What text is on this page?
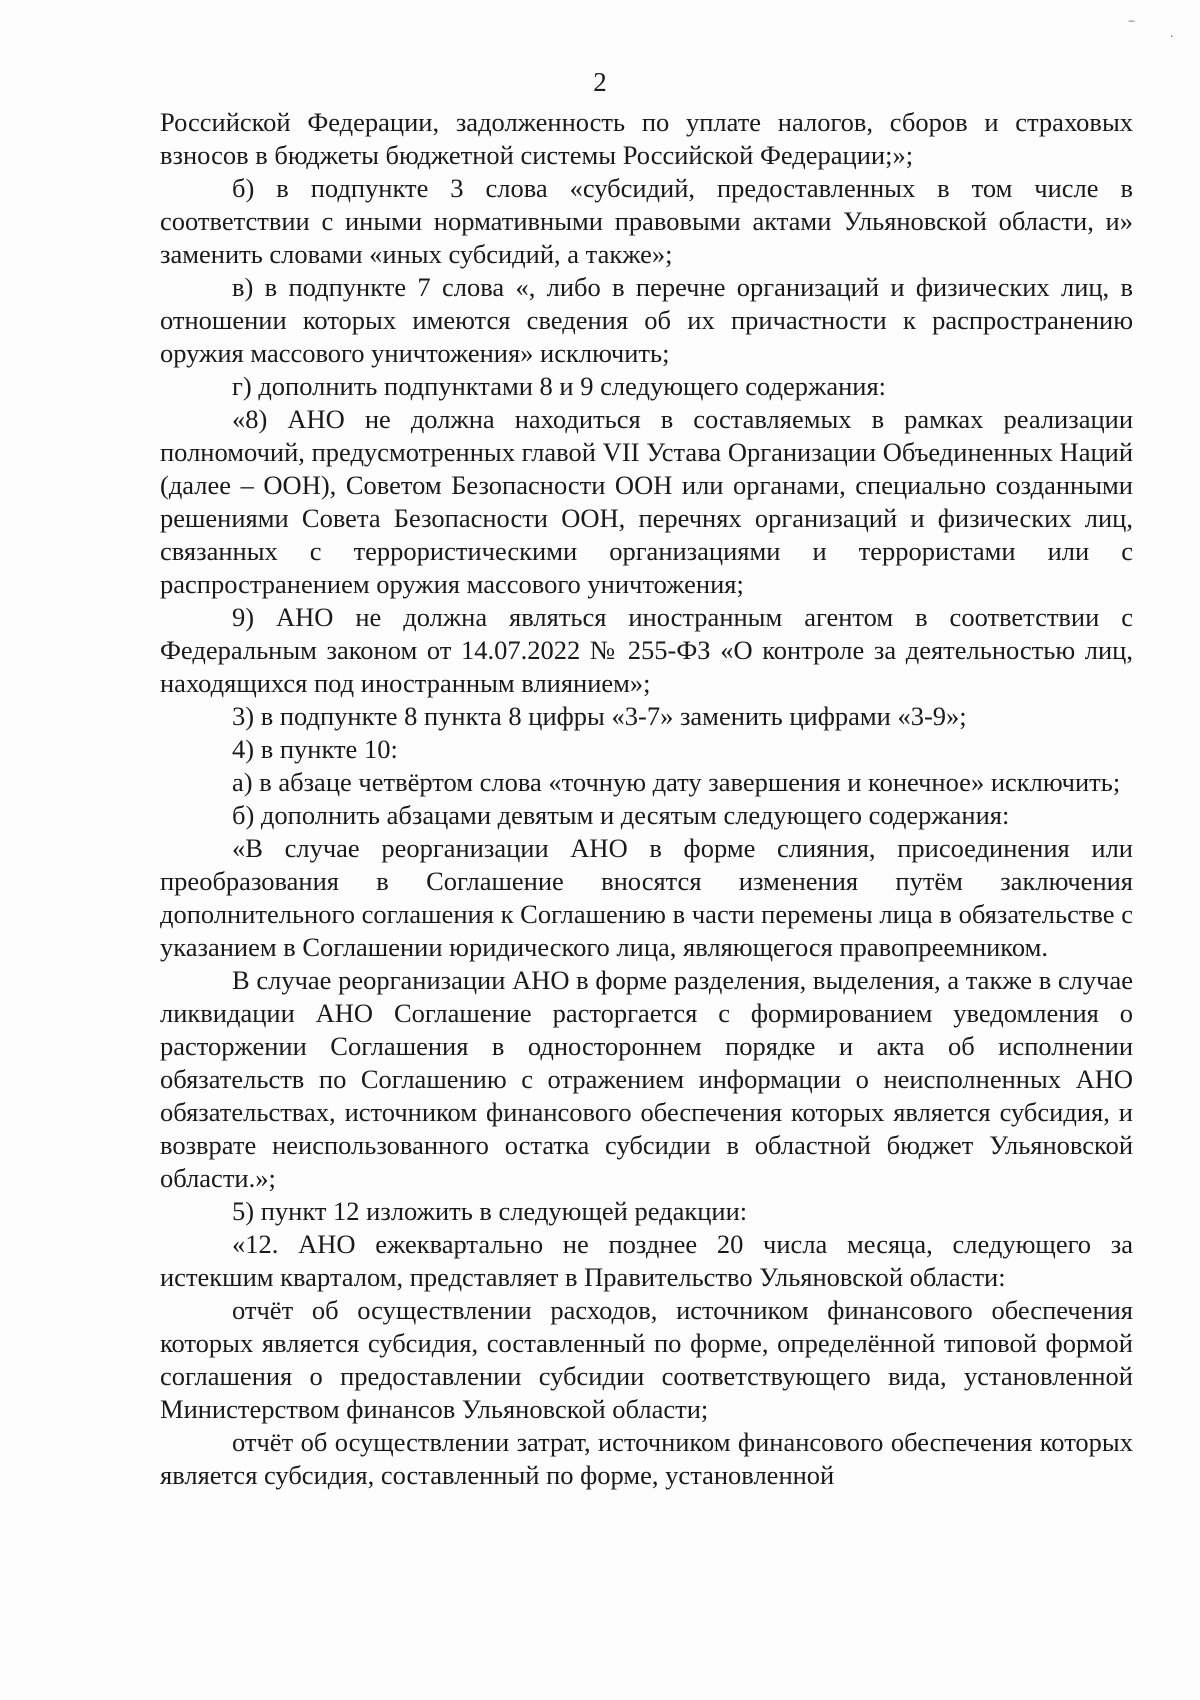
‒
·
2

Российской Федерации, задолженность по уплате налогов, сборов и страховых взносов в бюджеты бюджетной системы Российской Федерации;»;

б) в подпункте 3 слова «субсидий, предоставленных в том числе в соответствии с иными нормативными правовыми актами Ульяновской области, и» заменить словами «иных субсидий, а также»;

в) в подпункте 7 слова «, либо в перечне организаций и физических лиц, в отношении которых имеются сведения об их причастности к распространению оружия массового уничтожения» исключить;

г) дополнить подпунктами 8 и 9 следующего содержания:

«8) АНО не должна находиться в составляемых в рамках реализации полномочий, предусмотренных главой VII Устава Организации Объединенных Наций (далее – ООН), Советом Безопасности ООН или органами, специально созданными решениями Совета Безопасности ООН, перечнях организаций и физических лиц, связанных с террористическими организациями и террористами или с распространением оружия массового уничтожения;

9) АНО не должна являться иностранным агентом в соответствии с Федеральным законом от 14.07.2022 № 255-ФЗ «О контроле за деятельностью лиц, находящихся под иностранным влиянием»;

3) в подпункте 8 пункта 8 цифры «3-7» заменить цифрами «3-9»;

4) в пункте 10:

а) в абзаце четвёртом слова «точную дату завершения и конечное» исключить;

б) дополнить абзацами девятым и десятым следующего содержания:

«В случае реорганизации АНО в форме слияния, присоединения или преобразования в Соглашение вносятся изменения путём заключения дополнительного соглашения к Соглашению в части перемены лица в обязательстве с указанием в Соглашении юридического лица, являющегося правопреемником.

В случае реорганизации АНО в форме разделения, выделения, а также в случае ликвидации АНО Соглашение расторгается с формированием уведомления о расторжении Соглашения в одностороннем порядке и акта об исполнении обязательств по Соглашению с отражением информации о неисполненных АНО обязательствах, источником финансового обеспечения которых является субсидия, и возврате неиспользованного остатка субсидии в областной бюджет Ульяновской области.»;

5) пункт 12 изложить в следующей редакции:

«12. АНО ежеквартально не позднее 20 числа месяца, следующего за истекшим кварталом, представляет в Правительство Ульяновской области:

отчёт об осуществлении расходов, источником финансового обеспечения которых является субсидия, составленный по форме, определённой типовой формой соглашения о предоставлении субсидии соответствующего вида, установленной Министерством финансов Ульяновской области;

отчёт об осуществлении затрат, источником финансового обеспечения которых является субсидия, составленный по форме, установленной
